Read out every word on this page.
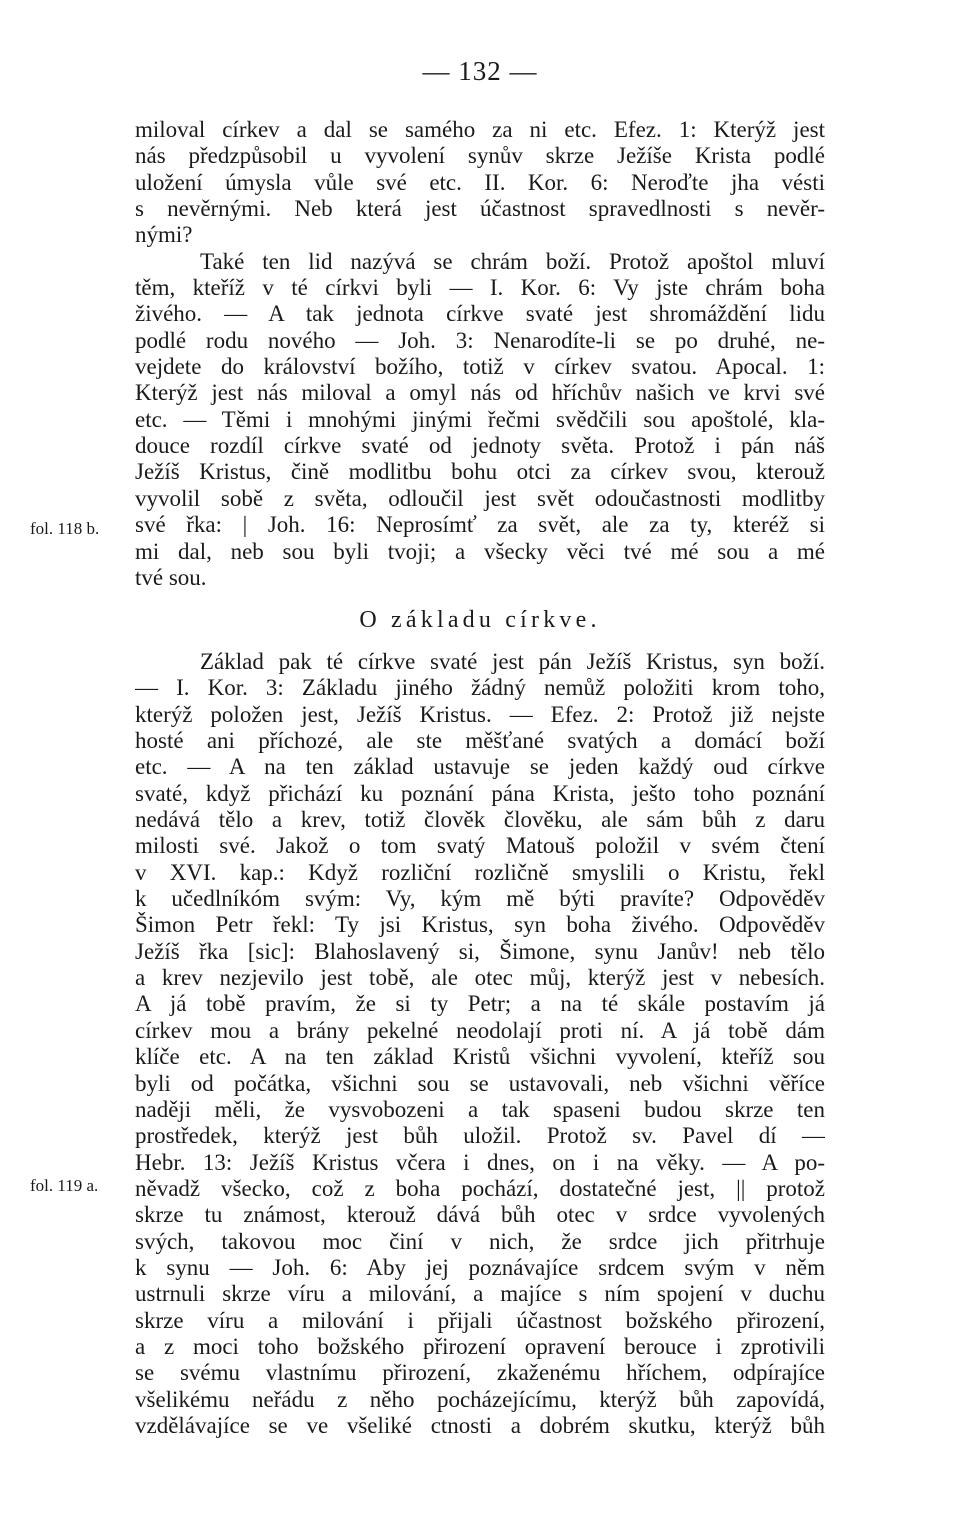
— 132 —
miloval církev a dal se samého za ni etc. Efez. 1: Kterýž jest
nás předzpůsobil u vyvolení synův skrze Ježíše Krista podlé
uložení úmysla vůle své etc. II. Kor. 6: Neroďte jha vésti
s nevěrnými. Neb která jest účastnost spravedlnosti s nevěr-
nými?
Také ten lid nazývá se chrám boží. Protož apoštol mluví
těm, kteříž v té církvi byli — I. Kor. 6: Vy jste chrám boha
živého. — A tak jednota církve svaté jest shromáždění lidu
podlé rodu nového — Joh. 3: Nenarodíte-li se po druhé, ne-
vejdete do království božího, totiž v církev svatou. Apocal. 1:
Kterýž jest nás miloval a omyl nás od hříchův našich ve krvi své
etc. — Těmi i mnohými jinými řečmi svědčili sou apoštolé, kla-
douce rozdíl církve svaté od jednoty světa. Protož i pán náš
Ježíš Kristus, čině modlitbu bohu otci za církev svou, kterouž
vyvolil sobě z světa, odloučil jest svět odoučastnosti modlitby
své řka: | Joh. 16: Neprosímť za svět, ale za ty, kteréž si
mi dal, neb sou byli tvoji; a všecky věci tvé mé sou a mé
tvé sou.
fol. 118 b.
O základu církve.
Základ pak té církve svaté jest pán Ježíš Kristus, syn boží.
— I. Kor. 3: Základu jiného žádný nemůž položiti krom toho,
kterýž položen jest, Ježíš Kristus. — Efez. 2: Protož již nejste
hosté ani příchozé, ale ste měšťané svatých a domácí boží
etc. — A na ten základ ustavuje se jeden každý oud církve
svaté, když přichází ku poznání pána Krista, ješto toho poznání
nedává tělo a krev, totiž člověk člověku, ale sám bůh z daru
milosti své. Jakož o tom svatý Matouš položil v svém čtení
v XVI. kap.: Když rozliční rozličně smyslili o Kristu, řekl
k učedlníkóm svým: Vy, kým mě býti pravíte? Odpověděv
Šimon Petr řekl: Ty jsi Kristus, syn boha živého. Odpověděv
Ježíš řka [sic]: Blahoslavený si, Šimone, synu Janův! neb tělo
a krev nezjevilo jest tobě, ale otec můj, kterýž jest v nebesích.
A já tobě pravím, že si ty Petr; a na té skále postavím já
církev mou a brány pekelné neodolají proti ní. A já tobě dám
klíče etc. A na ten základ Kristů všichni vyvolení, kteříž sou
byli od počátka, všichni sou se ustavovali, neb všichni věříce
naději měli, že vysvobozeni a tak spaseni budou skrze ten
prostředek, kterýž jest bůh uložil. Protož sv. Pavel dí —
Hebr. 13: Ježíš Kristus včera i dnes, on i na věky. — A po-
něvadž všecko, což z boha pochází, dostatečné jest, || protož
skrze tu známost, kterouž dává bůh otec v srdce vyvolených
svých, takovou moc činí v nich, že srdce jich přitrhuje
k synu — Joh. 6: Aby jej poznávajíce srdcem svým v něm
ustrnuli skrze víru a milování, a majíce s ním spojení v duchu
skrze víru a milování i přijali účastnost božského přirození,
a z moci toho božského přirození opravení berouce i zprotivili
se svému vlastnímu přirození, zkaženému hříchem, odpírajíce
všelikému neřádu z něho pocházejícímu, kterýž bůh zapovídá,
vzdělávajíce se ve všeliké ctnosti a dobrém skutku, kterýž bůh
fol. 119 a.
